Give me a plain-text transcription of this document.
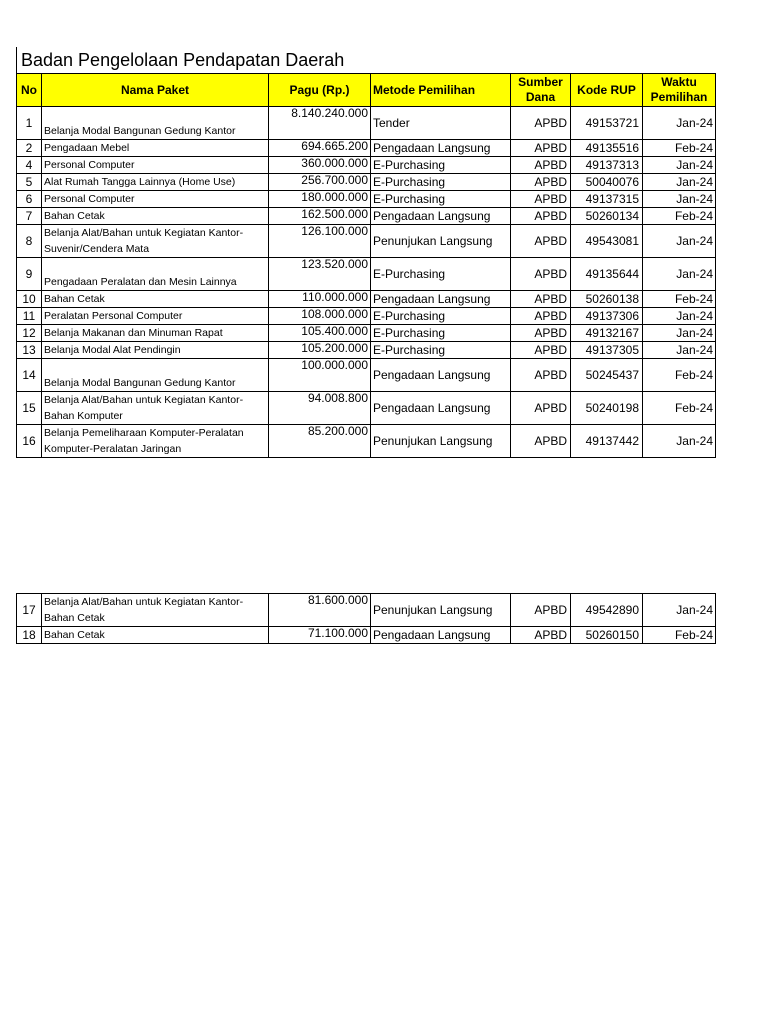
Badan Pengelolaan Pendapatan Daerah
No	Nama Paket	Pagu (Rp.)	Metode Pemilihan	Sumber Dana	Kode RUP	Waktu Pemilihan
1	Belanja Modal Bangunan Gedung Kantor	8.140.240.000	Tender	APBD	49153721	Jan-24
2	Pengadaan Mebel	694.665.200	Pengadaan Langsung	APBD	49135516	Feb-24
4	Personal Computer	360.000.000	E-Purchasing	APBD	49137313	Jan-24
5	Alat Rumah Tangga Lainnya (Home Use)	256.700.000	E-Purchasing	APBD	50040076	Jan-24
6	Personal Computer	180.000.000	E-Purchasing	APBD	49137315	Jan-24
7	Bahan Cetak	162.500.000	Pengadaan Langsung	APBD	50260134	Feb-24
8	Belanja Alat/Bahan untuk Kegiatan Kantor-Suvenir/Cendera Mata	126.100.000	Penunjukan Langsung	APBD	49543081	Jan-24
9	Pengadaan Peralatan dan Mesin Lainnya	123.520.000	E-Purchasing	APBD	49135644	Jan-24
10	Bahan Cetak	110.000.000	Pengadaan Langsung	APBD	50260138	Feb-24
11	Peralatan Personal Computer	108.000.000	E-Purchasing	APBD	49137306	Jan-24
12	Belanja Makanan dan Minuman Rapat	105.400.000	E-Purchasing	APBD	49132167	Jan-24
13	Belanja Modal Alat Pendingin	105.200.000	E-Purchasing	APBD	49137305	Jan-24
14	Belanja Modal Bangunan Gedung Kantor	100.000.000	Pengadaan Langsung	APBD	50245437	Feb-24
15	Belanja Alat/Bahan untuk Kegiatan Kantor-Bahan Komputer	94.008.800	Pengadaan Langsung	APBD	50240198	Feb-24
16	Belanja Pemeliharaan Komputer-Peralatan Komputer-Peralatan Jaringan	85.200.000	Penunjukan Langsung	APBD	49137442	Jan-24
17	Belanja Alat/Bahan untuk Kegiatan Kantor-Bahan Cetak	81.600.000	Penunjukan Langsung	APBD	49542890	Jan-24
18	Bahan Cetak	71.100.000	Pengadaan Langsung	APBD	50260150	Feb-24
